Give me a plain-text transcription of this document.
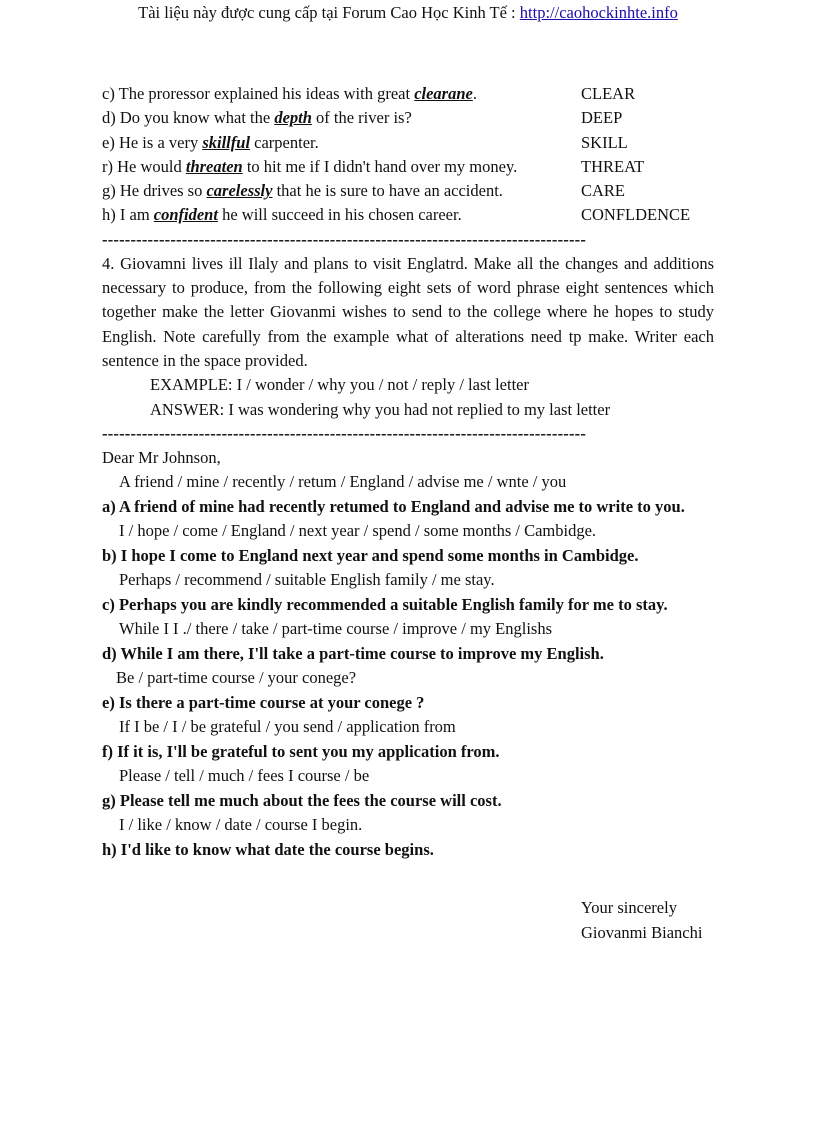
Tài liệu này được cung cấp tại Forum Cao Học Kinh Tế : http://caohockinhte.info
c) The proressor explained his ideas with great clearane.	CLEAR
d) Do you know what the depth of the river is?	DEEP
e) He is a very skillful carpenter.	SKILL
r) He would threaten to hit me if I didn't hand over my money.	THREAT
g) He drives so carelessly that he is sure to have an accident.	CARE
h) I am confident he will succeed in his chosen career.	CONFLDENCE
-------------------------------------------------------------------------------------

4. Giovamni lives ill Ilaly and plans to visit Englatrd. Make all the changes and additions necessary to produce, from the following eight sets of word phrase eight sentences which together make the letter Giovanmi wishes to send to the college where he hopes to study English. Note carefully from the example what of alterations need tp make. Writer each sentence in the space provided.

EXAMPLE: I / wonder / why you / not / reply / last letter
ANSWER: I was wondering why you had not replied to my last letter
-------------------------------------------------------------------------------------
Dear Mr Johnson,
A friend / mine / recently / retum / England / advise me / wnte / you
a) A friend of mine had recently retumed to England and advise me to write to you.
I / hope / come / England / next year / spend / some months / Cambidge.
b) I hope I come to England next year and spend some months in Cambidge.
Perhaps / recommend / suitable English family / me stay.
c) Perhaps you are kindly recommended a suitable English family for me to stay.
While I I ./ there / take / part-time course / improve / my Englishs
d) While I am there, I'll take a part-time course to improve my English.
Be / part-time course / your conege?
e) Is there a part-time course at your conege ?
If I be / I / be grateful / you send / application from
f) If it is, I'll be grateful to sent you my application from.
Please / tell / much / fees I course / be
g) Please tell me much about the fees the course will cost.
I / like / know / date / course I begin.
h) I'd like to know what date the course begins.
Your sincerely
Giovanmi Bianchi
